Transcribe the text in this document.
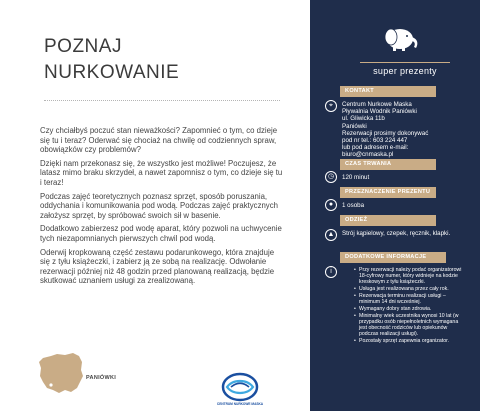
POZNAJ
NURKOWANIE

Czy chciałbyś poczuć stan nieważkości? Zapomnieć o tym, co dzieje się tu i teraz? Oderwać się chociaż na chwilę od codziennych spraw, obowiązków czy problemów?

Dzięki nam przekonasz się, że wszystko jest możliwe! Poczujesz, że latasz mimo braku skrzydeł, a nawet zapomnisz o tym, co dzieje się tu i teraz!

Podczas zajęć teoretycznych poznasz sprzęt, sposób poruszania, oddychania i komunikowania pod wodą. Podczas zajęć praktycznych założysz sprzęt, by spróbować swoich sił w basenie.

Dodatkowo zabierzesz pod wodę aparat, który pozwoli na uchwycenie tych niezapomnianych pierwszych chwil pod wodą.

Oderwij kropkowaną część zestawu podarunkowego, która znajduje się z tyłu książeczki, i zabierz ją ze sobą na realizację. Odwołanie rezerwacji później niż 48 godzin przed planowaną realizacją, będzie skutkować uznaniem usługi za zrealizowaną.

PANIÓWKI
CENTRUM NURKOWE MASKA
super prezenty
KONTAKT
⌖	Centrum Nurkowe Maska
Pływalnia Wodnik Paniówki
ul. Gliwicka 11b
Paniówki
Rezerwacji prosimy dokonywać
pod nr tel.: 603 224 447
lub pod adresem e-mail:
biuro@cnmaska.pl
CZAS TRWANIA
◷	120 minut
PRZEZNACZENIE PREZENTU
●	1 osoba
ODZIEŻ
▲	Strój kąpielowy, czepek, ręcznik, klapki.
DODATKOWE INFORMACJE
i
•	Przy rezerwacji należy podać organizatorowi 18-cyfrowy numer, który widnieje na kodzie kreskowym z tyłu książeczki.
• Usługa jest realizowana przez cały rok.
• Rezerwacja terminu realizacji usługi – minimum 14 dni wcześniej.
• Wymagany dobry stan zdrowia.
• Minimalny wiek uczestnika wynosi 10 lat (w przypadku osób niepełnoletnich wymagana jest obecność rodziców lub opiekunów podczas realizacji usługi).
• Pozostały sprzęt zapewnia organizator.
